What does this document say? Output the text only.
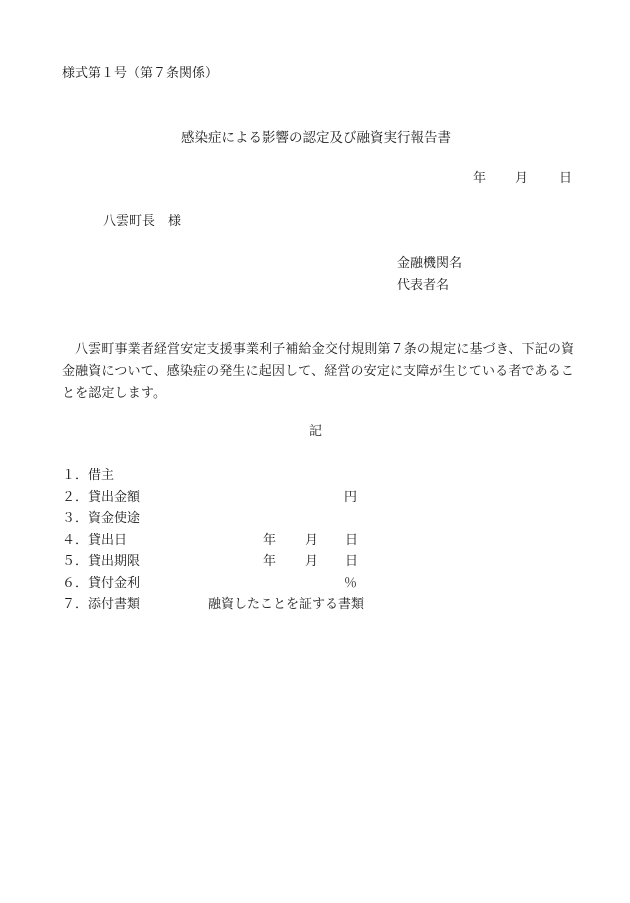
様式第１号（第７条関係）
感染症による影響の認定及び融資実行報告書
年 月 日
八雲町長 様
金融機関名
代表者名
八雲町事業者経営安定支援事業利子補給金交付規則第７条の規定に基づき、下記の資金融資について、感染症の発生に起因して、経営の安定に支障が生じている者であることを認定します。
記
１． 借主
２． 貸出金額	円
３． 資金使途
４． 貸出日	年 月 日
５． 貸出期限	年 月 日
６． 貸付金利	％
７． 添付書類	融資したことを証する書類
